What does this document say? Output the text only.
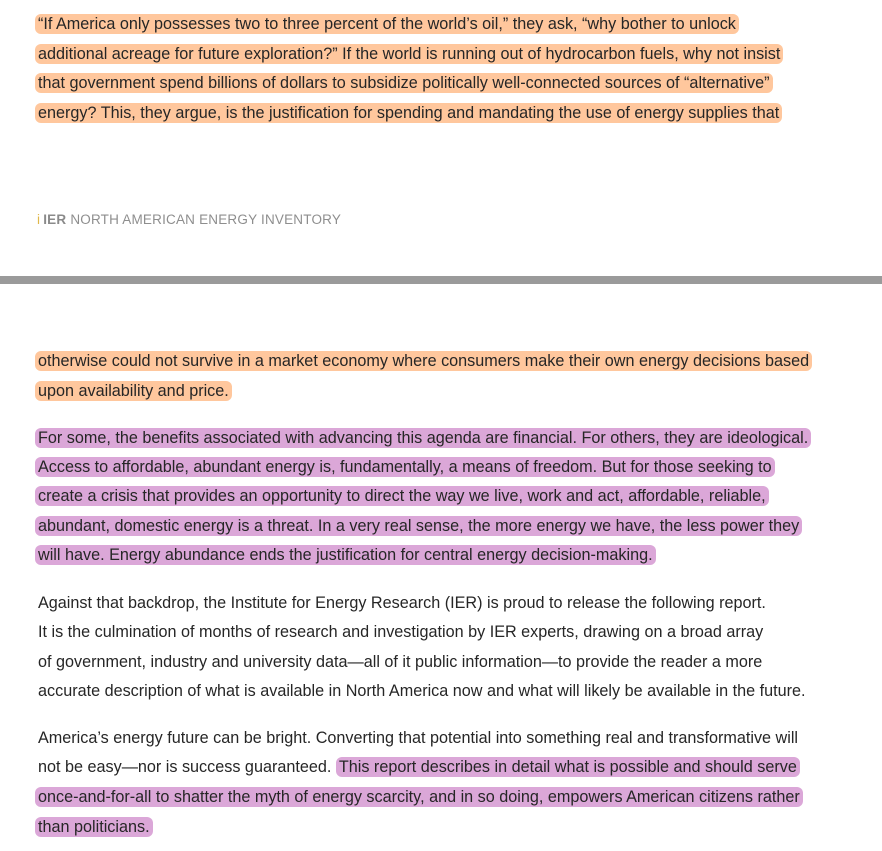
“If America only possesses two to three percent of the world’s oil,” they ask, “why bother to unlock
additional acreage for future exploration?” If the world is running out of hydrocarbon fuels, why not insist
that government spend billions of dollars to subsidize politically well-connected sources of “alternative”
energy? This, they argue, is the justification for spending and mandating the use of energy supplies that
i IER NORTH AMERICAN ENERGY INVENTORY
otherwise could not survive in a market economy where consumers make their own energy decisions based
upon availability and price.
For some, the benefits associated with advancing this agenda are financial. For others, they are ideological.
Access to affordable, abundant energy is, fundamentally, a means of freedom. But for those seeking to
create a crisis that provides an opportunity to direct the way we live, work and act, affordable, reliable,
abundant, domestic energy is a threat. In a very real sense, the more energy we have, the less power they
will have. Energy abundance ends the justification for central energy decision-making.
Against that backdrop, the Institute for Energy Research (IER) is proud to release the following report.
It is the culmination of months of research and investigation by IER experts, drawing on a broad array
of government, industry and university data—all of it public information—to provide the reader a more
accurate description of what is available in North America now and what will likely be available in the future.
America’s energy future can be bright. Converting that potential into something real and transformative will
not be easy—nor is success guaranteed. This report describes in detail what is possible and should serve
once-and-for-all to shatter the myth of energy scarcity, and in so doing, empowers American citizens rather
than politicians.
